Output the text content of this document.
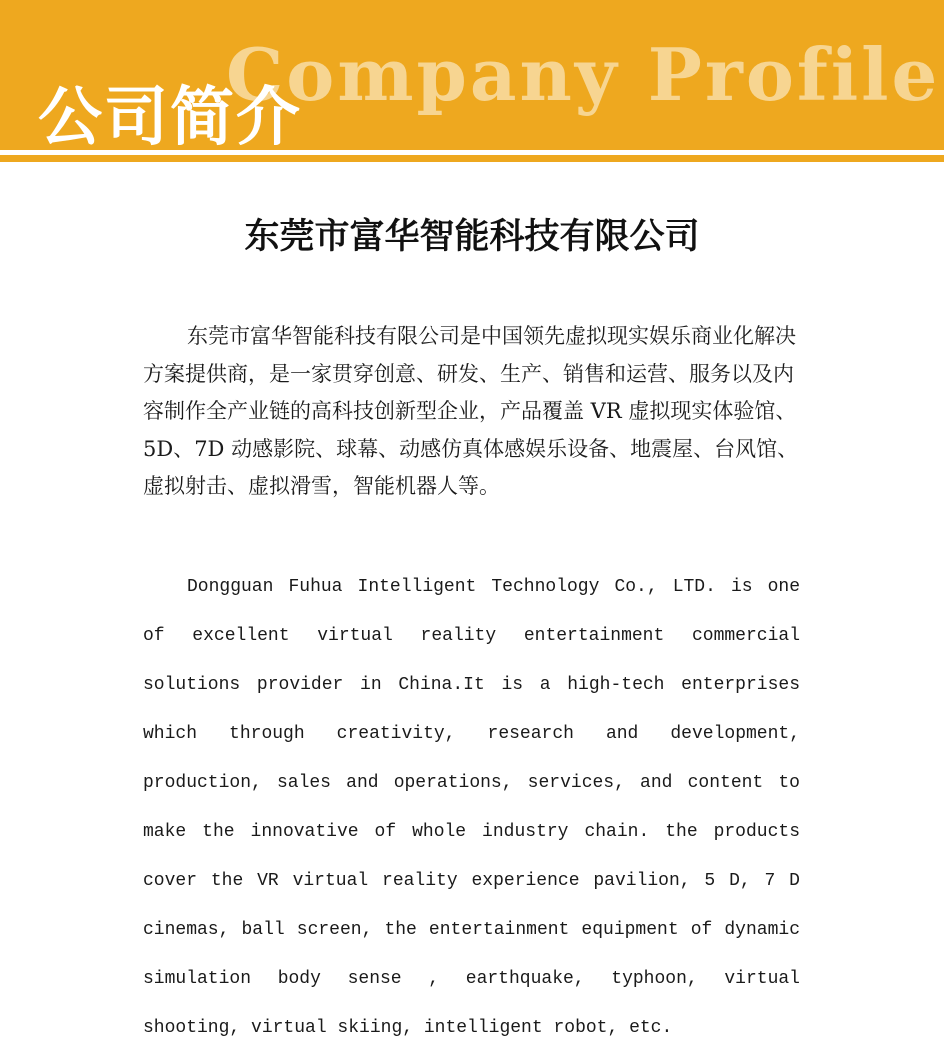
Company Profile
公司简介
东莞市富华智能科技有限公司

东莞市富华智能科技有限公司是中国领先虚拟现实娱乐商业化解决方案提供商，是一家贯穿创意、研发、生产、销售和运营、服务以及内容制作全产业链的高科技创新型企业，产品覆盖 VR 虚拟现实体验馆、5D、7D 动感影院、球幕、动感仿真体感娱乐设备、地震屋、台风馆、虚拟射击、虚拟滑雪，智能机器人等。

Dongguan Fuhua Intelligent Technology Co., LTD. is one of excellent virtual reality entertainment commercial solutions provider in China.It is a high-tech enterprises which through creativity, research and development, production, sales and operations, services, and content to make the innovative of whole industry chain. the products cover the VR virtual reality experience pavilion, 5 D, 7 D cinemas, ball screen, the entertainment equipment of dynamic simulation body sense , earthquake, typhoon, virtual shooting, virtual skiing, intelligent robot, etc.
